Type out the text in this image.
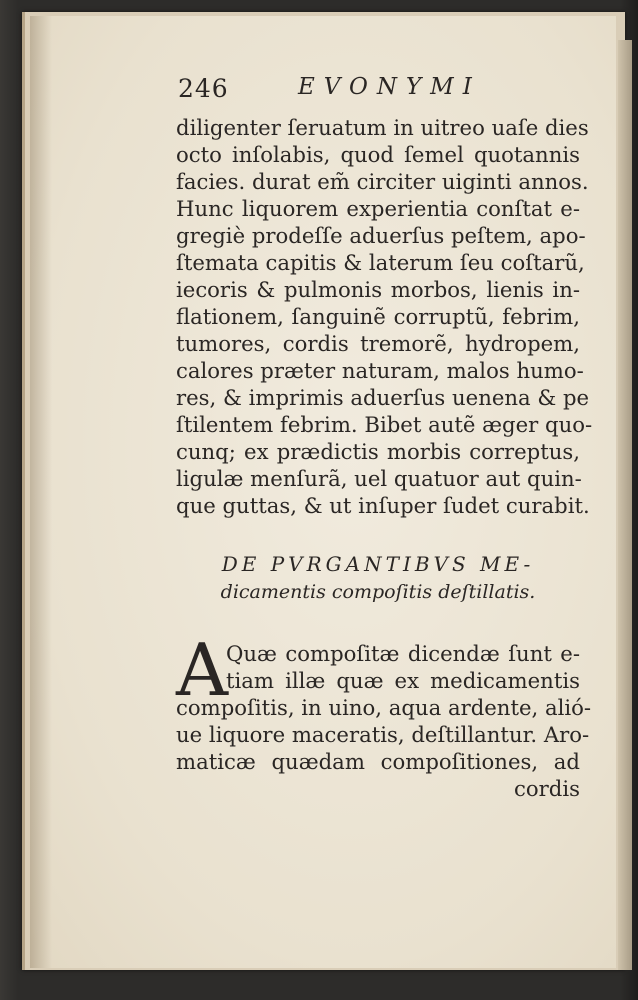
246	EVONYMI
diligenter ſeruatum in uitreo uaſe dies
octo inſolabis, quod ſemel quotannis
facies. durat em̃ circiter uiginti annos.
Hunc liquorem experientia conſtat e-
gregiè prodeſſe aduerſus peſtem, apo-
ſtemata capitis & laterum ſeu coſtarũ,
iecoris & pulmonis morbos, lienis in-
flationem, ſanguinẽ corruptũ, febrim,
tumores, cordis tremorẽ, hydropem,
calores præter naturam, malos humo-
res, & imprimis aduerſus uenena & pe
ſtilentem febrim. Bibet autẽ æger quo-
cunq; ex prædictis morbis correptus,
ligulæ menſurã, uel quatuor aut quin-
que guttas, & ut inſuper ſudet curabit.
DE PVRGANTIBVS ME-
dicamentis compoſitis deſtillatis.
A
Quæ compoſitæ dicendæ ſunt e-
tiam illæ quæ ex medicamentis
compoſitis, in uino, aqua ardente, alió-
ue liquore maceratis, deſtillantur. Aro-
maticæ quædam compoſitiones, ad
cordis
